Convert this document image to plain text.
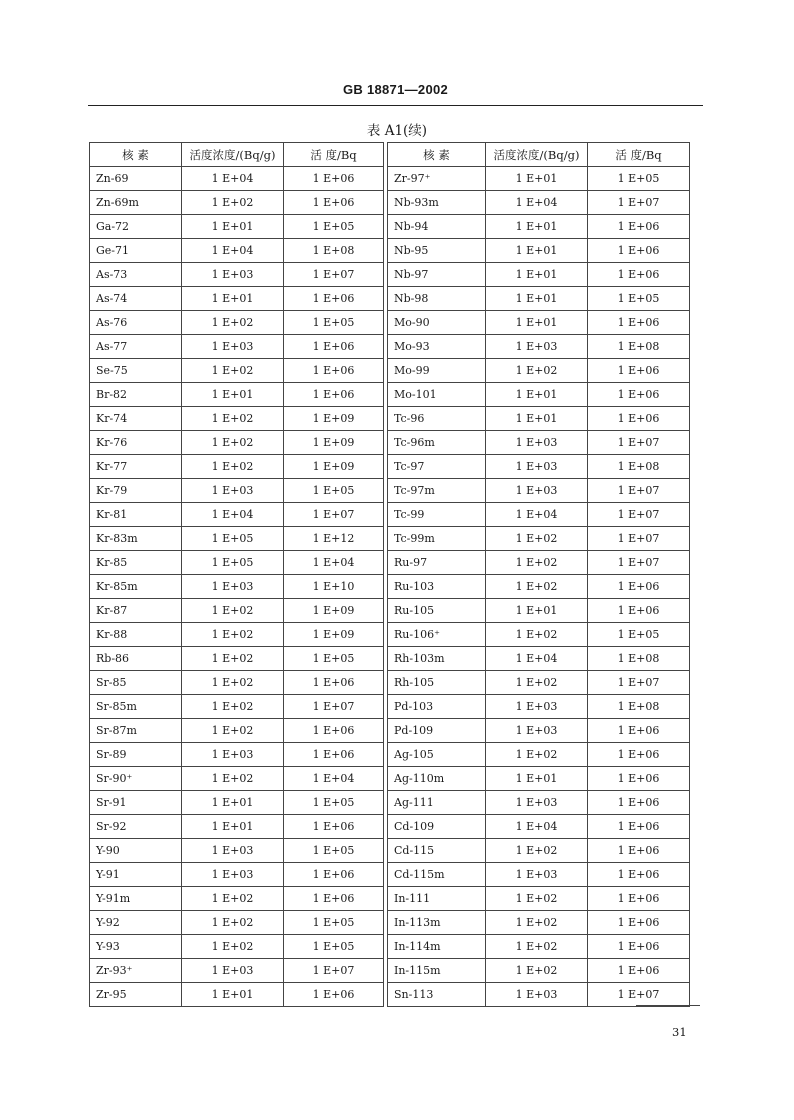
GB 18871—2002
表 A1(续)
核 素	活度浓度/(Bq/g)	活 度/Bq		核 素	活度浓度/(Bq/g)	活 度/Bq
Zn-69	1 E+04	1 E+06		Zr-97⁺	1 E+01	1 E+05
Zn-69m	1 E+02	1 E+06		Nb-93m	1 E+04	1 E+07
Ga-72	1 E+01	1 E+05		Nb-94	1 E+01	1 E+06
Ge-71	1 E+04	1 E+08		Nb-95	1 E+01	1 E+06
As-73	1 E+03	1 E+07		Nb-97	1 E+01	1 E+06
As-74	1 E+01	1 E+06		Nb-98	1 E+01	1 E+05
As-76	1 E+02	1 E+05		Mo-90	1 E+01	1 E+06
As-77	1 E+03	1 E+06		Mo-93	1 E+03	1 E+08
Se-75	1 E+02	1 E+06		Mo-99	1 E+02	1 E+06
Br-82	1 E+01	1 E+06		Mo-101	1 E+01	1 E+06
Kr-74	1 E+02	1 E+09		Tc-96	1 E+01	1 E+06
Kr-76	1 E+02	1 E+09		Tc-96m	1 E+03	1 E+07
Kr-77	1 E+02	1 E+09		Tc-97	1 E+03	1 E+08
Kr-79	1 E+03	1 E+05		Tc-97m	1 E+03	1 E+07
Kr-81	1 E+04	1 E+07		Tc-99	1 E+04	1 E+07
Kr-83m	1 E+05	1 E+12		Tc-99m	1 E+02	1 E+07
Kr-85	1 E+05	1 E+04		Ru-97	1 E+02	1 E+07
Kr-85m	1 E+03	1 E+10		Ru-103	1 E+02	1 E+06
Kr-87	1 E+02	1 E+09		Ru-105	1 E+01	1 E+06
Kr-88	1 E+02	1 E+09		Ru-106⁺	1 E+02	1 E+05
Rb-86	1 E+02	1 E+05		Rh-103m	1 E+04	1 E+08
Sr-85	1 E+02	1 E+06		Rh-105	1 E+02	1 E+07
Sr-85m	1 E+02	1 E+07		Pd-103	1 E+03	1 E+08
Sr-87m	1 E+02	1 E+06		Pd-109	1 E+03	1 E+06
Sr-89	1 E+03	1 E+06		Ag-105	1 E+02	1 E+06
Sr-90⁺	1 E+02	1 E+04		Ag-110m	1 E+01	1 E+06
Sr-91	1 E+01	1 E+05		Ag-111	1 E+03	1 E+06
Sr-92	1 E+01	1 E+06		Cd-109	1 E+04	1 E+06
Y-90	1 E+03	1 E+05		Cd-115	1 E+02	1 E+06
Y-91	1 E+03	1 E+06		Cd-115m	1 E+03	1 E+06
Y-91m	1 E+02	1 E+06		In-111	1 E+02	1 E+06
Y-92	1 E+02	1 E+05		In-113m	1 E+02	1 E+06
Y-93	1 E+02	1 E+05		In-114m	1 E+02	1 E+06
Zr-93⁺	1 E+03	1 E+07		In-115m	1 E+02	1 E+06
Zr-95	1 E+01	1 E+06		Sn-113	1 E+03	1 E+07
31
